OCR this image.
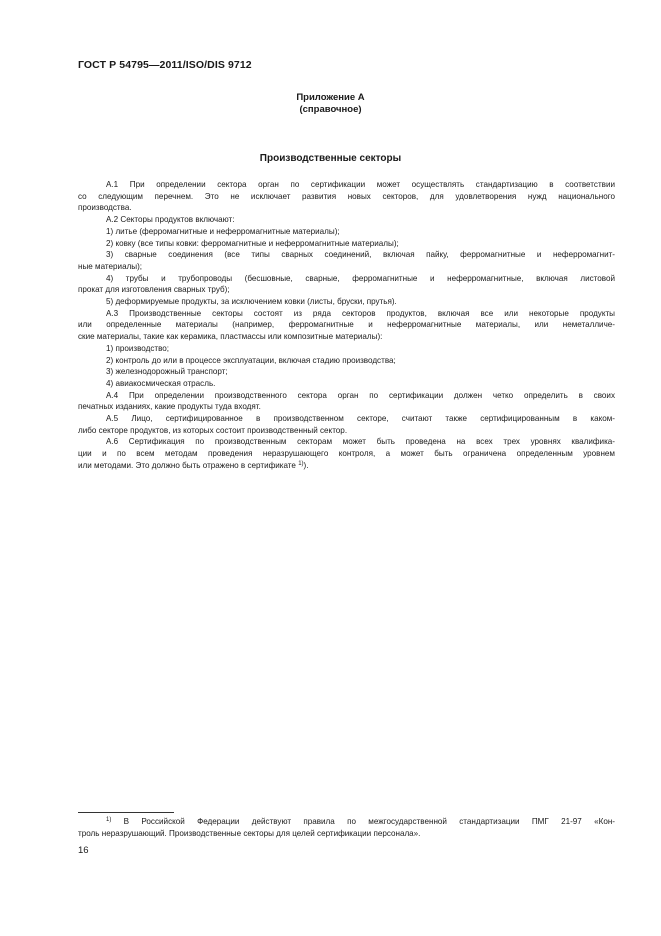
ГОСТ Р 54795—2011/ISO/DIS 9712
Приложение А
(справочное)
Производственные секторы

А.1 При определении сектора орган по сертификации может осуществлять стандартизацию в соответствии

со следующим перечнем. Это не исключает развития новых секторов, для удовлетворения нужд национального

производства.

А.2 Секторы продуктов включают:

1) литье (ферромагнитные и неферромагнитные материалы);

2) ковку (все типы ковки: ферромагнитные и неферромагнитные материалы);

3) сварные соединения (все типы сварных соединений, включая пайку, ферромагнитные и неферромагнит-

ные материалы);

4) трубы и трубопроводы (бесшовные, сварные, ферромагнитные и неферромагнитные, включая листовой

прокат для изготовления сварных труб);

5) деформируемые продукты, за исключением ковки (листы, бруски, прутья).

А.3 Производственные секторы состоят из ряда секторов продуктов, включая все или некоторые продукты

или определенные материалы (например, ферромагнитные и неферромагнитные материалы, или неметалличе-

ские материалы, такие как керамика, пластмассы или композитные материалы):

1) производство;

2) контроль до или в процессе эксплуатации, включая стадию производства;

3) железнодорожный транспорт;

4) авиакосмическая отрасль.

А.4 При определении производственного сектора орган по сертификации должен четко определить в своих

печатных изданиях, какие продукты туда входят.

А.5 Лицо, сертифицированное в производственном секторе, считают также сертифицированным в каком-

либо секторе продуктов, из которых состоит производственный сектор.

А.6 Сертификация по производственным секторам может быть проведена на всех трех уровнях квалифика-

ции и по всем методам проведения неразрушающего контроля, а может быть ограничена определенным уровнем

или методами. Это должно быть отражено в сертификате $^{1)}$).

$^{1)}$ В Российской Федерации действуют правила по межгосударственной стандартизации ПМГ 21-97 «Кон-

троль неразрушающий. Производственные секторы для целей сертификации персонала».

16
